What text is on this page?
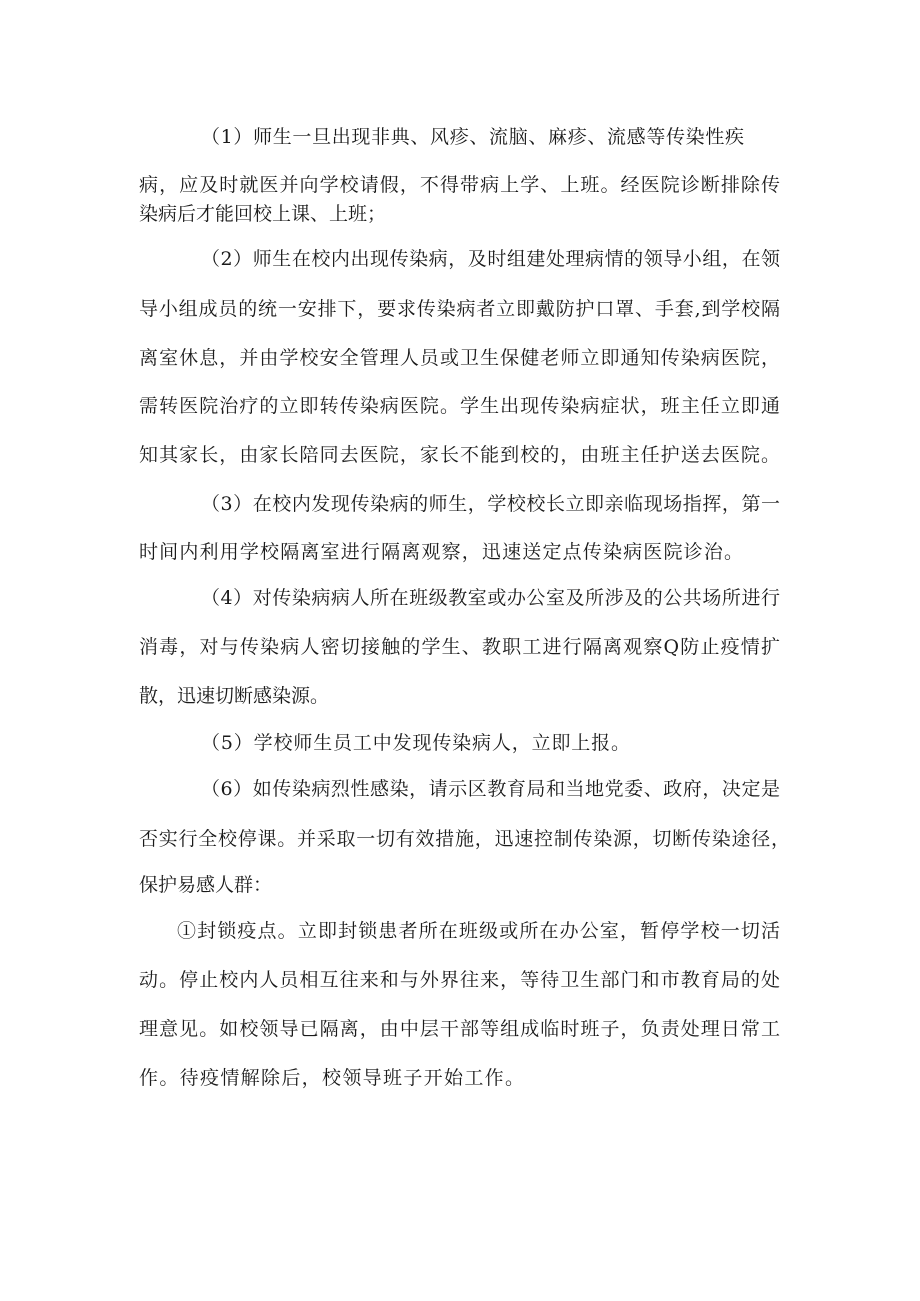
（1）师生一旦出现非典、风疹、流脑、麻疹、流感等传染性疾
病，应及时就医并向学校请假，不得带病上学、上班。经医院诊断排除传
染病后才能回校上课、上班；
（2）师生在校内出现传染病，及时组建处理病情的领导小组，在领
导小组成员的统一安排下，要求传染病者立即戴防护口罩、手套,到学校隔
离室休息，并由学校安全管理人员或卫生保健老师立即通知传染病医院，
需转医院治疗的立即转传染病医院。学生出现传染病症状，班主任立即通
知其家长，由家长陪同去医院，家长不能到校的，由班主任护送去医院。
（3）在校内发现传染病的师生，学校校长立即亲临现场指挥，第一
时间内利用学校隔离室进行隔离观察，迅速送定点传染病医院诊治。
（4）对传染病病人所在班级教室或办公室及所涉及的公共场所进行
消毒，对与传染病人密切接触的学生、教职工进行隔离观察Q防止疫情扩
散，迅速切断感染源。
（5）学校师生员工中发现传染病人，立即上报。
（6）如传染病烈性感染，请示区教育局和当地党委、政府，决定是
否实行全校停课。并采取一切有效措施，迅速控制传染源，切断传染途径，
保护易感人群：
①封锁疫点。立即封锁患者所在班级或所在办公室，暂停学校一切活
动。停止校内人员相互往来和与外界往来，等待卫生部门和市教育局的处
理意见。如校领导已隔离，由中层干部等组成临时班子，负责处理日常工
作。待疫情解除后，校领导班子开始工作。
